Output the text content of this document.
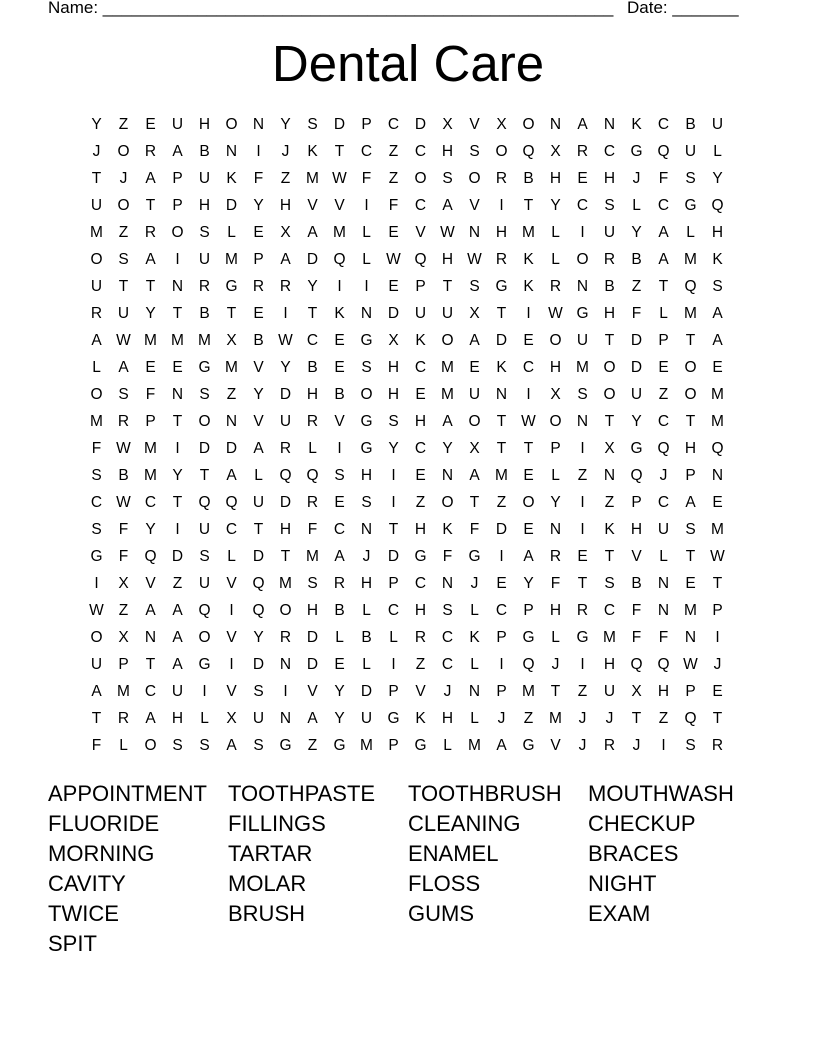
Name: ______________________________________________________ Date: _______
Dental Care
Y	Z	E	U	H O N	Y	S	D	P	C	D	X	V	X	O N	A	N	K	C	B	U
J	O R	A	B	N	I	J	K	T	C	Z	C	H	S	O Q	X	R	C G Q U	L
T	J	A	P	U	K	F	Z	M W F	Z	O	S	O R	B	H	E	H	J	F	S	Y
U O	T	P	H	D	Y	H	V	V	I	F	C	A	V	I	T	Y	C	S	L	C G Q
M	Z	R O	S	L	E	X	A M	L	E	V W N	H M	L	I	U	Y	A	L	H
O	S	A	I	U M P	A	D Q	L W Q H W R	K	L	O R	B	A M K
U	T	T	N	R G R	R	Y	I	I	E	P	T	S	G	K	R	N	B	Z	T	Q	S
R	U	Y	T	B	T	E	I	T	K	N	D	U	U	X	T	I	W G H	F	L	M A
A W M M M X	B W C	E	G	X	K	O	A	D	E	O U	T	D	P	T	A
L	A	E	E	G M V	Y	B	E	S	H	C M E	K	C	H M O D	E	O	E
O	S	F	N	S	Z	Y	D	H	B	O H	E M U	N	I	X	S	O U	Z	O M
M R	P	T	O N	V	U	R	V	G	S	H	A	O	T W O N	T	Y	C	T	M
F W M	I	D	D	A	R	L	I	G	Y	C	Y	X	T	T	P	I	X	G Q H Q
S	B M Y	T	A	L	Q Q	S	H	I	E	N	A M E	L	Z	N Q	J	P	N
C W C	T	Q Q U	D	R	E	S	I	Z	O	T	Z	O	Y	I	Z	P	C	A	E
S	F	Y	I	U	C	T	H	F	C	N	T	H	K	F	D	E	N	I	K	H	U	S M
G	F	Q D	S	L	D	T	M A	J	D G	F	G	I	A	R	E	T	V	L	T W
I	X	V	Z	U	V	Q M S	R	H	P	C	N	J	E	Y	F	T	S	B	N	E	T
W Z	A	A	Q	I	Q O H	B	L	C	H	S	L	C	P	H	R	C	F	N M P
O	X	N	A	O	V	Y	R	D	L	B	L	R	C	K	P	G	L	G M	F	F	N	I
U	P	T	A	G	I	D	N	D	E	L	I	Z	C	L	I	Q	J	I	H Q Q W	J
A M C	U	I	V	S	I	V	Y	D	P	V	J	N	P M	T	Z	U	X	H	P	E
T	R	A	H	L	X	U	N	A	Y	U G	K	H	L	J	Z	M	J	J	T	Z	Q	T
F	L	O	S	S	A	S	G	Z	G M P	G	L	M A	G	V	J	R	J	I	S	R
APPOINTMENT TOOTHPASTE	TOOTHBRUSH	MOUTHWASH
FLUORIDE	FILLINGS	CLEANING	CHECKUP
MORNING	TARTAR	ENAMEL	BRACES
CAVITY	MOLAR	FLOSS	NIGHT
TWICE	BRUSH	GUMS	EXAM
SPIT
